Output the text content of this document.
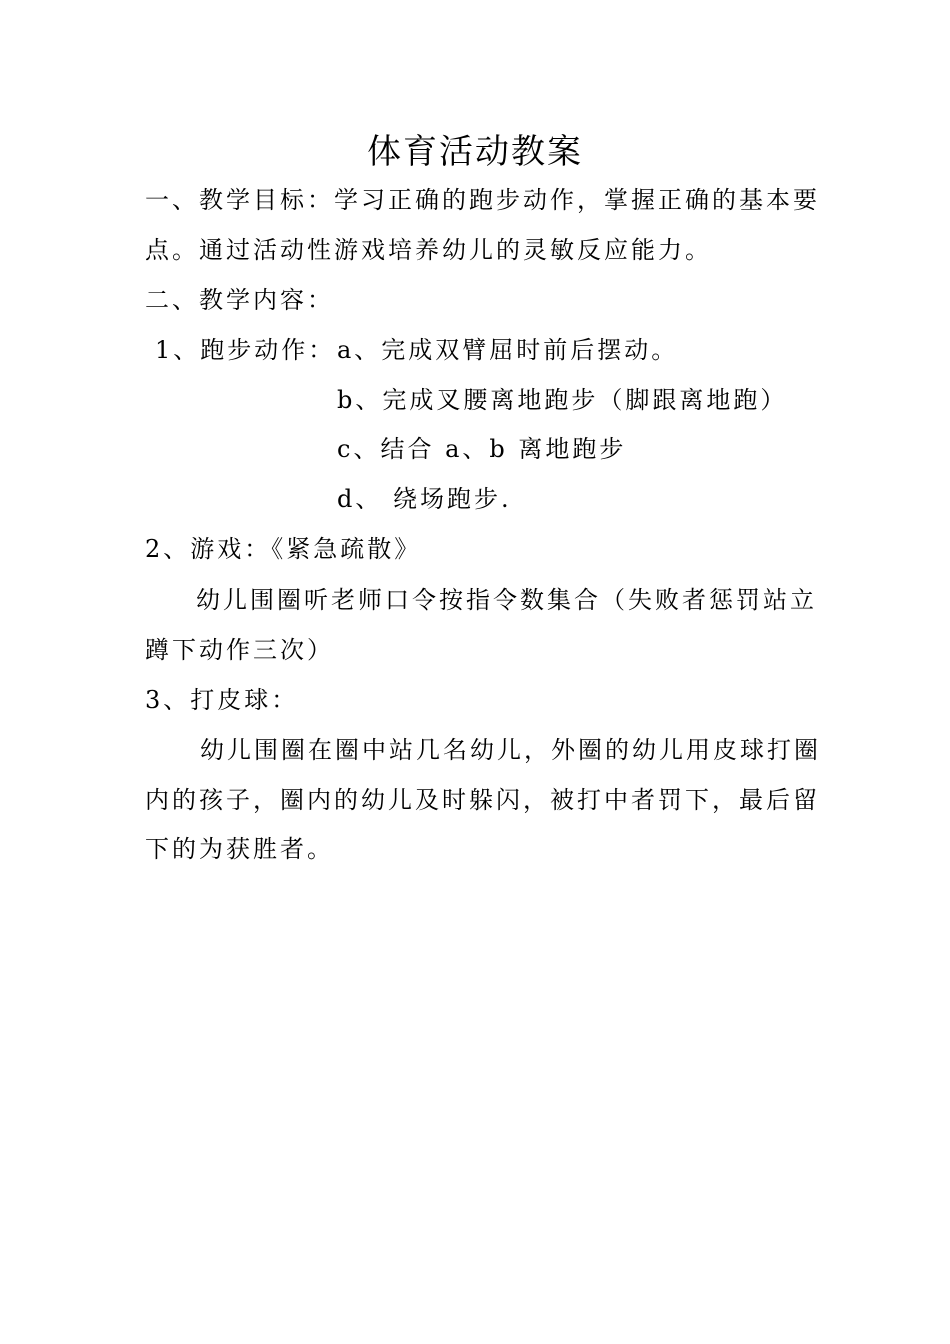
体育活动教案
一、教学目标：学习正确的跑步动作，掌握正确的基本要
点。通过活动性游戏培养幼儿的灵敏反应能力。
二、教学内容：
1、跑步动作： a、完成双臂屈时前后摆动。
b、完成叉腰离地跑步（脚跟离地跑）
c、结合 a、b 离地跑步
d、 绕场跑步.
2、游戏：《紧急疏散》
幼儿围圈听老师口令按指令数集合（失败者惩罚站立
蹲下动作三次）
3、打皮球：
幼儿围圈在圈中站几名幼儿，外圈的幼儿用皮球打圈
内的孩子，圈内的幼儿及时躲闪，被打中者罚下，最后留
下的为获胜者。
